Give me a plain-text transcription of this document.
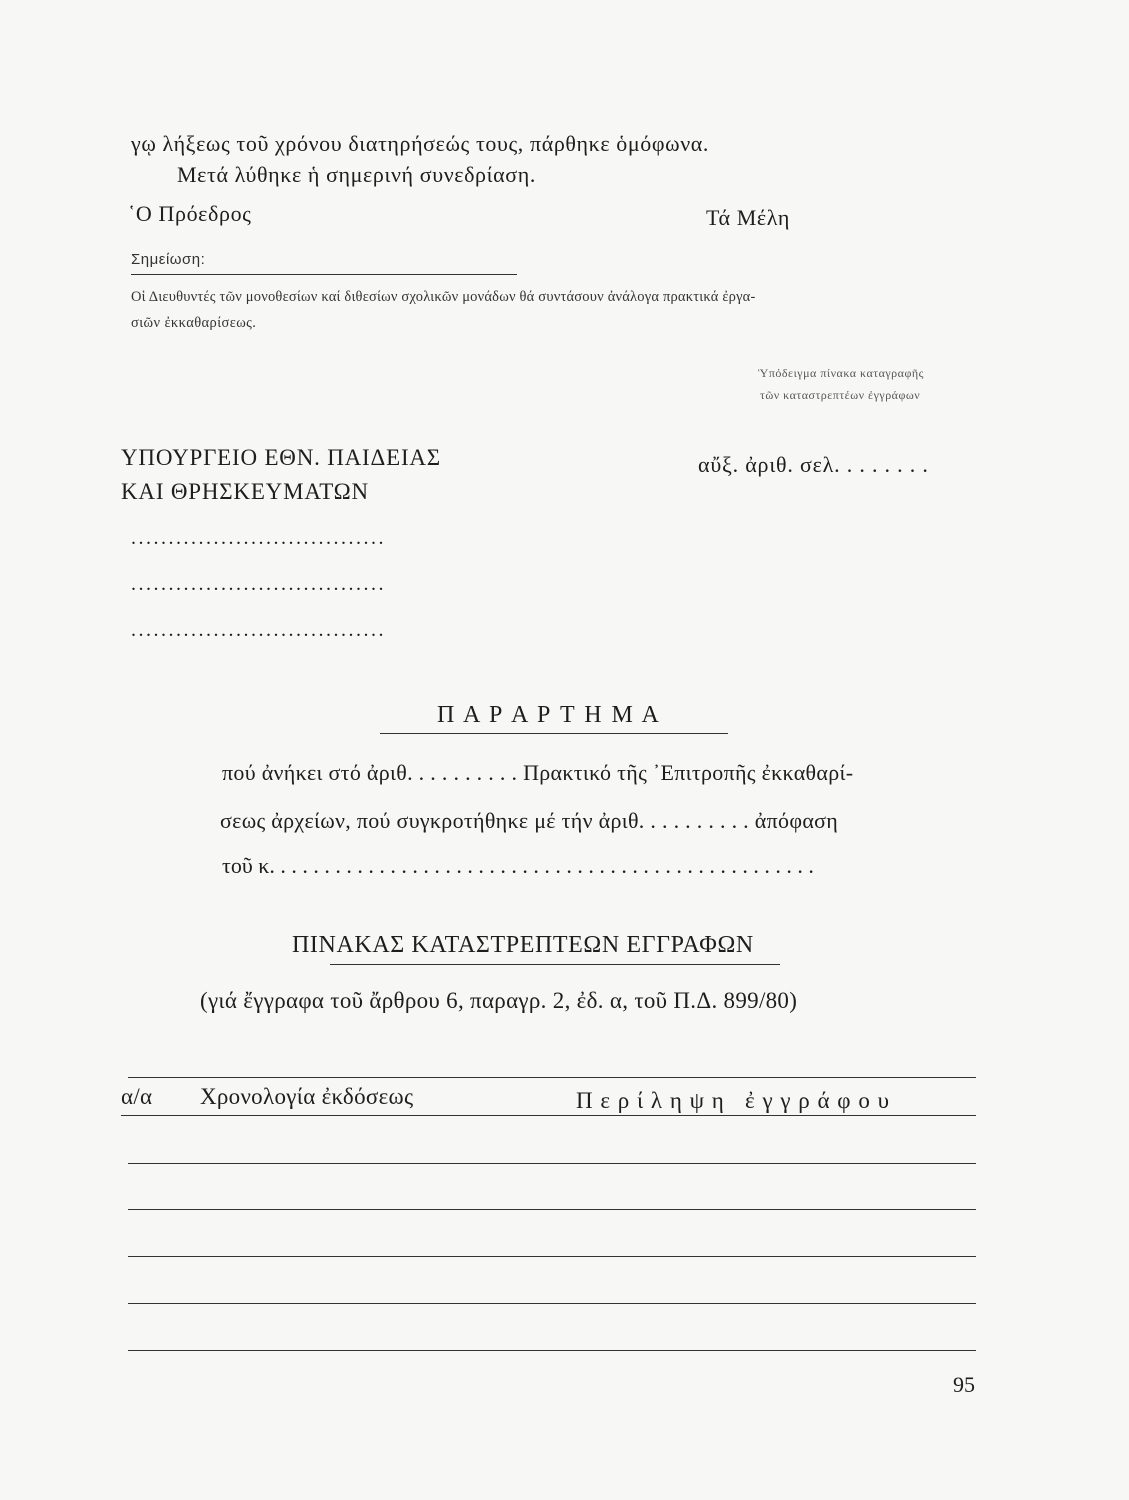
γῳ λήξεως τοῦ χρόνου διατηρήσεώς τους, πάρθηκε ὁμόφωνα.
Μετά λύθηκε ἡ σημερινή συνεδρίαση.
῾Ο Πρόεδρος	Τά Μέλη
Σημείωση:
Οἱ Διευθυντές τῶν μονοθεσίων καί διθεσίων σχολικῶν μονάδων θά συντάσουν ἀνάλογα πρακτικά ἐργα-
σιῶν ἐκκαθαρίσεως.
Ὑπόδειγμα πίνακα καταγραφῆς
τῶν καταστρεπτέων ἐγγράφων
ΥΠΟΥΡΓΕΙΟ ΕΘΝ. ΠΑΙΔΕΙΑΣ
ΚΑΙ ΘΡΗΣΚΕΥΜΑΤΩΝ
αὔξ. ἀριθ. σελ. . . . . . . .
..................................
..................................
..................................
Π Α Ρ Α Ρ Τ Η Μ Α
πού ἀνήκει στό ἀριθ. . . . . . . . . . Πρακτικό τῆς ᾽Επιτροπῆς ἐκκαθαρί-
σεως ἀρχείων, πού συγκροτήθηκε μέ τήν ἀριθ. . . . . . . . . . ἀπόφαση
τοῦ κ. . . . . . . . . . . . . . . . . . . . . . . . . . . . . . . . . . . . . . . . . . . . . . . . . .
ΠΙΝΑΚΑΣ ΚΑΤΑΣΤΡΕΠΤΕΩΝ ΕΓΓΡΑΦΩΝ
(γιά ἔγγραφα τοῦ ἄρθρου 6, παραγρ. 2, ἐδ. α, τοῦ Π.Δ. 899/80)
α/α Χρονολογία ἐκδόσεως	Π ε ρ ί λ η ψ η   ἐ γ γ ρ ά φ ο υ
95
